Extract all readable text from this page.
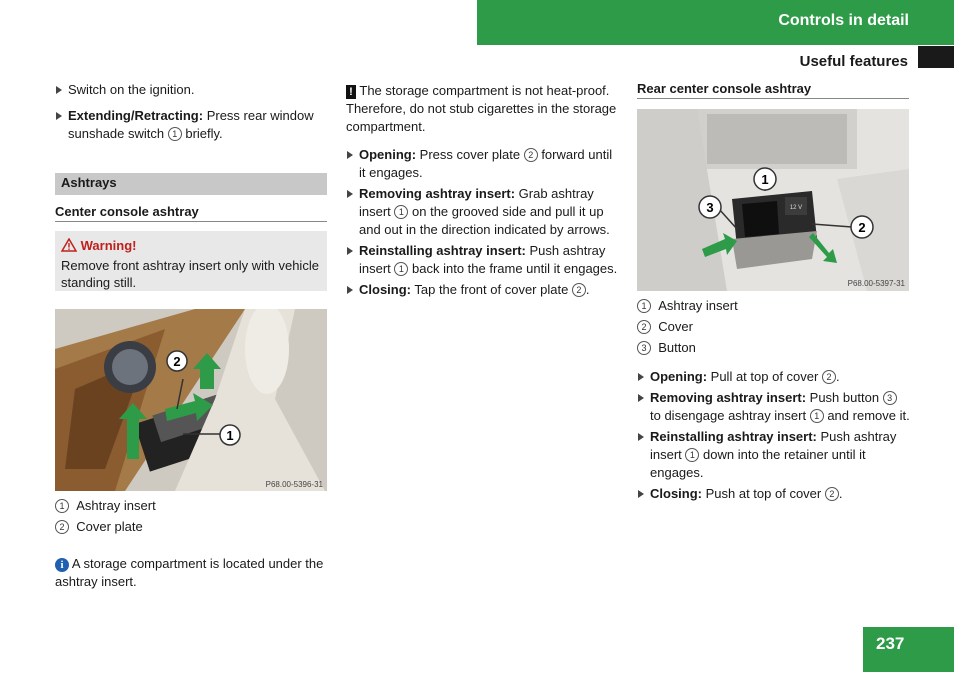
Controls in detail
Useful features

Switch on the ignition.

Extending/Retracting: Press rear window sunshade switch 1 briefly.

Ashtrays
Center console ashtray
Warning!
Remove front ashtray insert only with vehicle standing still.
2
1
P68.00-5396-31

1 Ashtray insert

2 Cover plate

i A storage compartment is located under the ashtray insert.

! The storage compartment is not heat-proof. Therefore, do not stub cigarettes in the storage compartment.

Opening: Press cover plate 2 forward until it engages.

Removing ashtray insert: Grab ashtray insert 1 on the grooved side and pull it up and out in the direction indicated by arrows.

Reinstalling ashtray insert: Push ashtray insert 1 back into the frame until it engages.

Closing: Tap the front of cover plate 2 .

Rear center console ashtray
12 V
1
3
2
P68.00-5397-31

1 Ashtray insert

2 Cover

3 Button

Opening: Pull at top of cover 2 .

Removing ashtray insert: Push button 3 to disengage ashtray insert 1 and remove it.

Reinstalling ashtray insert: Push ashtray insert 1 down into the retainer until it engages.

Closing: Push at top of cover 2 .

237
